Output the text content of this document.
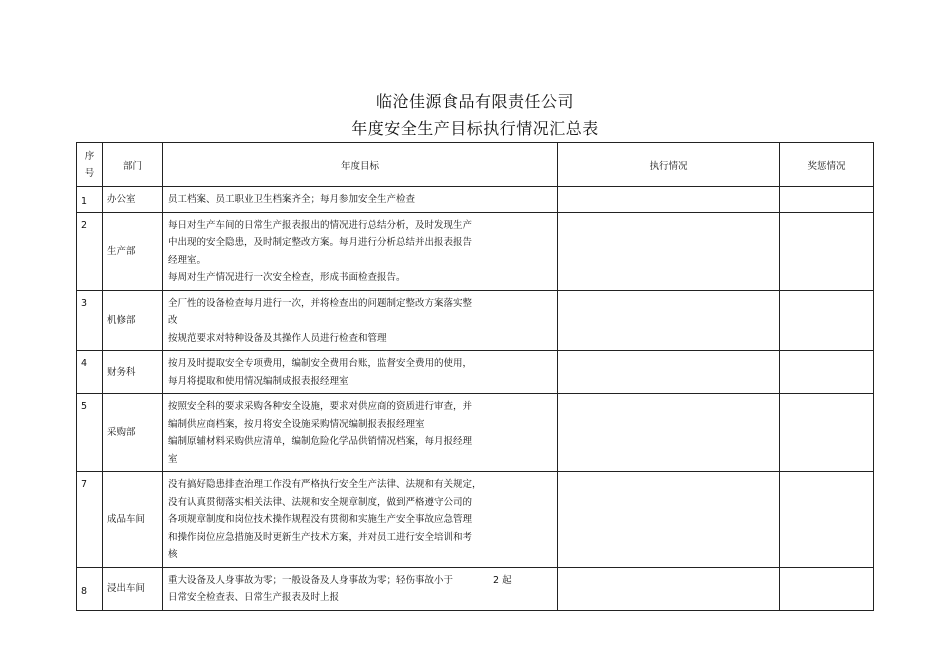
临沧佳源食品有限责任公司
年度安全生产目标执行情况汇总表
序
号	部门	年度目标	执行情况	奖惩情况
1	办公室	员工档案、员工职业卫生档案齐全；每月参加安全生产检查		

2	生产部	每日对生产车间的日常生产报表报出的情况进行总结分析，及时发现生产
中出现的安全隐患，及时制定整改方案。每月进行分析总结并出报表报告
经理室。
每周对生产情况进行一次安全检查，形成书面检查报告。		

3	机修部	全厂性的设备检查每月进行一次，并将检查出的问题制定整改方案落实整
改
按规范要求对特种设备及其操作人员进行检查和管理		

4	财务科	按月及时提取安全专项费用，编制安全费用台账，监督安全费用的使用，
每月将提取和使用情况编制成报表报经理室		

5	采购部	按照安全科的要求采购各种安全设施，要求对供应商的资质进行审查，并
编制供应商档案，按月将安全设施采购情况编制报表报经理室
编制原辅材料采购供应清单，编制危险化学品供销情况档案，每月报经理
室		

7	成品车间	没有搞好隐患排查治理工作没有严格执行安全生产法律、法规和有关规定，
没有认真贯彻落实相关法律、法规和安全规章制度，做到严格遵守公司的
各项规章制度和岗位技术操作规程没有贯彻和实施生产安全事故应急管理
和操作岗位应急措施及时更新生产技术方案，并对员工进行安全培训和考
核		

8	浸出车间	重大设备及人身事故为零；一般设备及人身事故为零；轻伤事故小于 2 起
日常安全检查表、日常生产报表及时上报		
